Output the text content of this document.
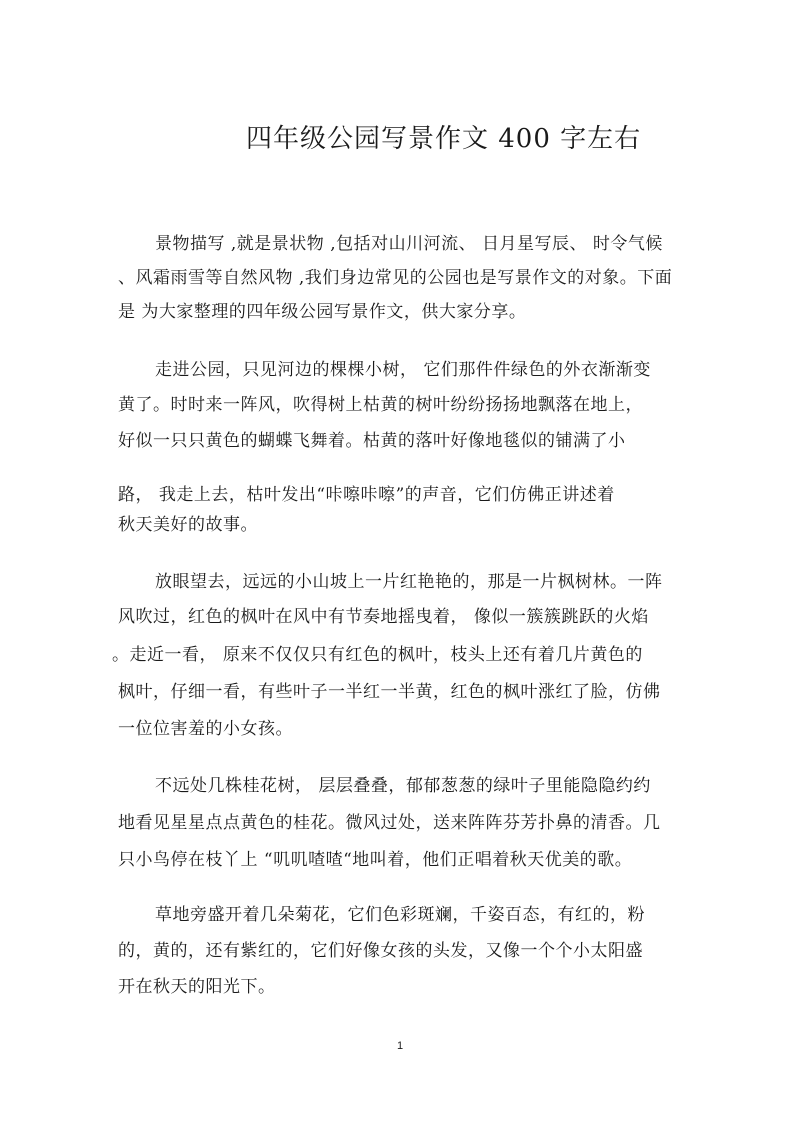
四年级公园写景作文 400 字左右
景物描写 ,就是景状物 ,包括对山川河流、 日月星写辰、 时令气候
、风霜雨雪等自然风物 ,我们身边常见的公园也是写景作文的对象。下面
是 为大家整理的四年级公园写景作文，供大家分享。
走进公园，只见河边的棵棵小树， 它们那件件绿色的外衣渐渐变
黄了。时时来一阵风，吹得树上枯黄的树叶纷纷扬扬地飘落在地上，
好似一只只黄色的蝴蝶飞舞着。枯黄的落叶好像地毯似的铺满了小
路， 我走上去，枯叶发出“咔嚓咔嚓”的声音，它们仿佛正讲述着
秋天美好的故事。
放眼望去，远远的小山坡上一片红艳艳的，那是一片枫树林。一阵
风吹过，红色的枫叶在风中有节奏地摇曳着， 像似一簇簇跳跃的火焰
。走近一看， 原来不仅仅只有红色的枫叶，枝头上还有着几片黄色的
枫叶，仔细一看，有些叶子一半红一半黄，红色的枫叶涨红了脸，仿佛
一位位害羞的小女孩。
不远处几株桂花树， 层层叠叠，郁郁葱葱的绿叶子里能隐隐约约
地看见星星点点黄色的桂花。微风过处，送来阵阵芬芳扑鼻的清香。几
只小鸟停在枝丫上 “叽叽喳喳“地叫着，他们正唱着秋天优美的歌。
草地旁盛开着几朵菊花，它们色彩斑斓，千姿百态，有红的，粉
的，黄的，还有紫红的，它们好像女孩的头发，又像一个个小太阳盛
开在秋天的阳光下。
1
